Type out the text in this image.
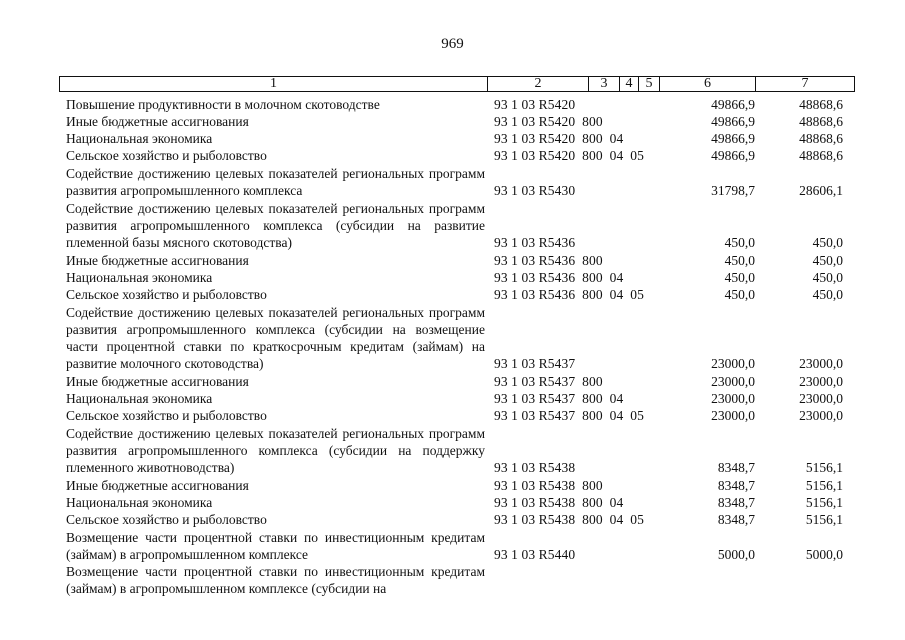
969
1	2	3	4 5	6	7
Повышение продуктивности в молочном скотоводстве	93 1 03 R5420	49866,9	48868,6
Иные бюджетные ассигнования	93 1 03 R5420  800	49866,9	48868,6
Национальная экономика	93 1 03 R5420  800  04	49866,9	48868,6
Сельское хозяйство и рыболовство	93 1 03 R5420  800  04  05	49866,9	48868,6
Содействие достижению целевых показателей региональных программ развития агропромышленного комплекса	93 1 03 R5430	31798,7	28606,1
Содействие достижению целевых показателей региональных программ развития агропромышленного комплекса (субсидии на развитие племенной базы мясного скотоводства)	93 1 03 R5436	450,0	450,0
Иные бюджетные ассигнования	93 1 03 R5436  800	450,0	450,0
Национальная экономика	93 1 03 R5436  800  04	450,0	450,0
Сельское хозяйство и рыболовство	93 1 03 R5436  800  04  05	450,0	450,0
Содействие достижению целевых показателей региональных программ развития агропромышленного комплекса (субсидии на возмещение части процентной ставки по краткосрочным кредитам (займам) на развитие молочного скотоводства)	93 1 03 R5437	23000,0	23000,0
Иные бюджетные ассигнования	93 1 03 R5437  800	23000,0	23000,0
Национальная экономика	93 1 03 R5437  800  04	23000,0	23000,0
Сельское хозяйство и рыболовство	93 1 03 R5437  800  04  05	23000,0	23000,0
Содействие достижению целевых показателей региональных программ развития агропромышленного комплекса (субсидии на поддержку племенного животноводства)	93 1 03 R5438	8348,7	5156,1
Иные бюджетные ассигнования	93 1 03 R5438  800	8348,7	5156,1
Национальная экономика	93 1 03 R5438  800  04	8348,7	5156,1
Сельское хозяйство и рыболовство	93 1 03 R5438  800  04  05	8348,7	5156,1
Возмещение части процентной ставки по инвестиционным кредитам (займам) в агропромышленном комплексе	93 1 03 R5440	5000,0	5000,0
Возмещение части процентной ставки по инвестиционным кредитам (займам) в агропромышленном комплексе (субсидии на
